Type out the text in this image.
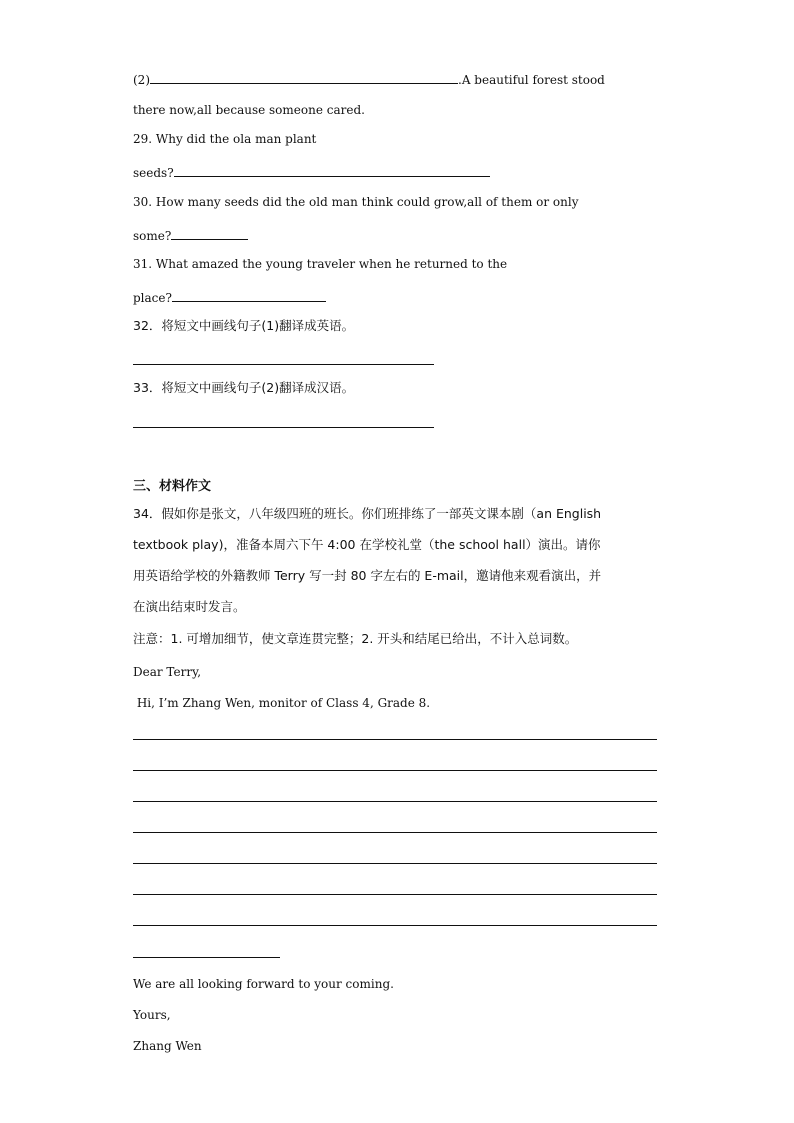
(2)	.A beautiful forest stood
there now,all because someone cared.
29. Why did the ola man plant
seeds?
30. How many seeds did the old man think could grow,all of them or only
some?
31. What amazed the young traveler when he returned to the
place?
32．将短文中画线句子(1)翻译成英语。
33．将短文中画线句子(2)翻译成汉语。
三、材料作文
34．假如你是张文，八年级四班的班长。你们班排练了一部英文课本剧（an English
textbook play)，准备本周六下午 4:00 在学校礼堂（the school hall）演出。请你
用英语给学校的外籍教师 Terry 写一封 80 字左右的 E-mail，邀请他来观看演出，并
在演出结束时发言。
注意：1. 可增加细节，使文章连贯完整；2. 开头和结尾已给出，不计入总词数。
Dear Terry,
Hi, I’m Zhang Wen, monitor of Class 4, Grade 8.
We are all looking forward to your coming.
Yours,
Zhang Wen
